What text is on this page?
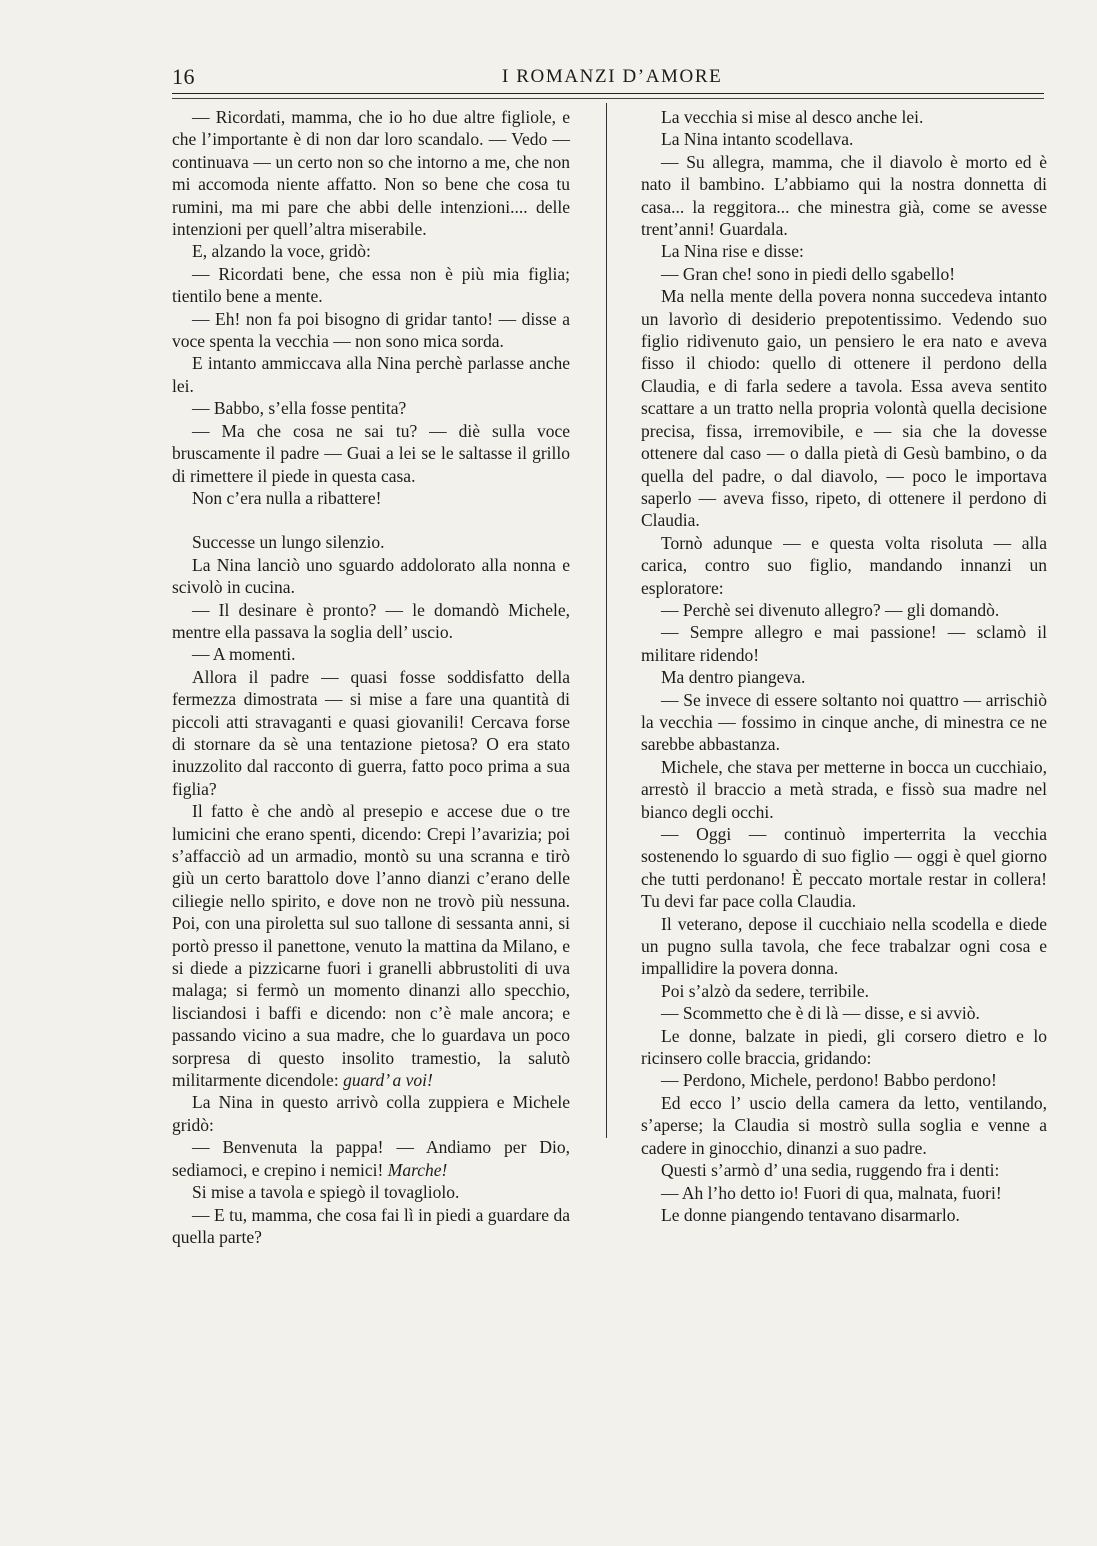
16	I ROMANZI D’AMORE

— Ricordati, mamma, che io ho due altre figliole, e che l’importante è di non dar loro scandalo. — Vedo — continuava — un certo non so che intorno a me, che non mi accomoda niente affatto. Non so bene che cosa tu rumini, ma mi pare che abbi delle intenzioni.... delle intenzioni per quell’altra miserabile.

E, alzando la voce, gridò:

— Ricordati bene, che essa non è più mia figlia; tientilo bene a mente.

— Eh! non fa poi bisogno di gridar tanto! — disse a voce spenta la vecchia — non sono mica sorda.

E intanto ammiccava alla Nina perchè parlasse anche lei.

— Babbo, s’ella fosse pentita?

— Ma che cosa ne sai tu? — diè sulla voce bruscamente il padre — Guai a lei se le saltasse il grillo di rimettere il piede in questa casa.

Non c’era nulla a ribattere!

Successe un lungo silenzio.

La Nina lanciò uno sguardo addolorato alla nonna e scivolò in cucina.

— Il desinare è pronto? — le domandò Michele, mentre ella passava la soglia dell’ uscio.

— A momenti.

Allora il padre — quasi fosse soddisfatto della fermezza dimostrata — si mise a fare una quantità di piccoli atti stravaganti e quasi giovanili! Cercava forse di stornare da sè una tentazione pietosa? O era stato inuzzolito dal racconto di guerra, fatto poco prima a sua figlia?

Il fatto è che andò al presepio e accese due o tre lumicini che erano spenti, dicendo: Crepi l’avarizia; poi s’affacciò ad un armadio, montò su una scranna e tirò giù un certo barattolo dove l’anno dianzi c’erano delle ciliegie nello spirito, e dove non ne trovò più nessuna. Poi, con una piroletta sul suo tallone di sessanta anni, si portò presso il panettone, venuto la mattina da Milano, e si diede a pizzicarne fuori i granelli abbrustoliti di uva malaga; si fermò un momento dinanzi allo specchio, lisciandosi i baffi e dicendo: non c’è male ancora; e passando vicino a sua madre, che lo guardava un poco sorpresa di questo insolito tramestio, la salutò militarmente dicendole: guard’ a voi!

La Nina in questo arrivò colla zuppiera e Michele gridò:

— Benvenuta la pappa! — Andiamo per Dio, sediamoci, e crepino i nemici! Marche!

Si mise a tavola e spiegò il tovagliolo.

— E tu, mamma, che cosa fai lì in piedi a guardare da quella parte?

La vecchia si mise al desco anche lei.

La Nina intanto scodellava.

— Su allegra, mamma, che il diavolo è morto ed è nato il bambino. L’abbiamo qui la nostra donnetta di casa... la reggitora... che minestra già, come se avesse trent’anni! Guardala.

La Nina rise e disse:

— Gran che! sono in piedi dello sgabello!

Ma nella mente della povera nonna succedeva intanto un lavorìo di desiderio prepotentissimo. Vedendo suo figlio ridivenuto gaio, un pensiero le era nato e aveva fisso il chiodo: quello di ottenere il perdono della Claudia, e di farla sedere a tavola. Essa aveva sentito scattare a un tratto nella propria volontà quella decisione precisa, fissa, irremovibile, e — sia che la dovesse ottenere dal caso — o dalla pietà di Gesù bambino, o da quella del padre, o dal diavolo, — poco le importava saperlo — aveva fisso, ripeto, di ottenere il perdono di Claudia.

Tornò adunque — e questa volta risoluta — alla carica, contro suo figlio, mandando innanzi un esploratore:

— Perchè sei divenuto allegro? — gli domandò.

— Sempre allegro e mai passione! — sclamò il militare ridendo!

Ma dentro piangeva.

— Se invece di essere soltanto noi quattro — arrischiò la vecchia — fossimo in cinque anche, di minestra ce ne sarebbe abbastanza.

Michele, che stava per metterne in bocca un cucchiaio, arrestò il braccio a metà strada, e fissò sua madre nel bianco degli occhi.

— Oggi — continuò imperterrita la vecchia sostenendo lo sguardo di suo figlio — oggi è quel giorno che tutti perdonano! È peccato mortale restar in collera! Tu devi far pace colla Claudia.

Il veterano, depose il cucchiaio nella scodella e diede un pugno sulla tavola, che fece trabalzar ogni cosa e impallidire la povera donna.

Poi s’alzò da sedere, terribile.

— Scommetto che è di là — disse, e si avviò.

Le donne, balzate in piedi, gli corsero dietro e lo ricinsero colle braccia, gridando:

— Perdono, Michele, perdono! Babbo perdono!

Ed ecco l’ uscio della camera da letto, ventilando, s’aperse; la Claudia si mostrò sulla soglia e venne a cadere in ginocchio, dinanzi a suo padre.

Questi s’armò d’ una sedia, ruggendo fra i denti:

— Ah l’ho detto io! Fuori di qua, malnata, fuori!

Le donne piangendo tentavano disarmarlo.
